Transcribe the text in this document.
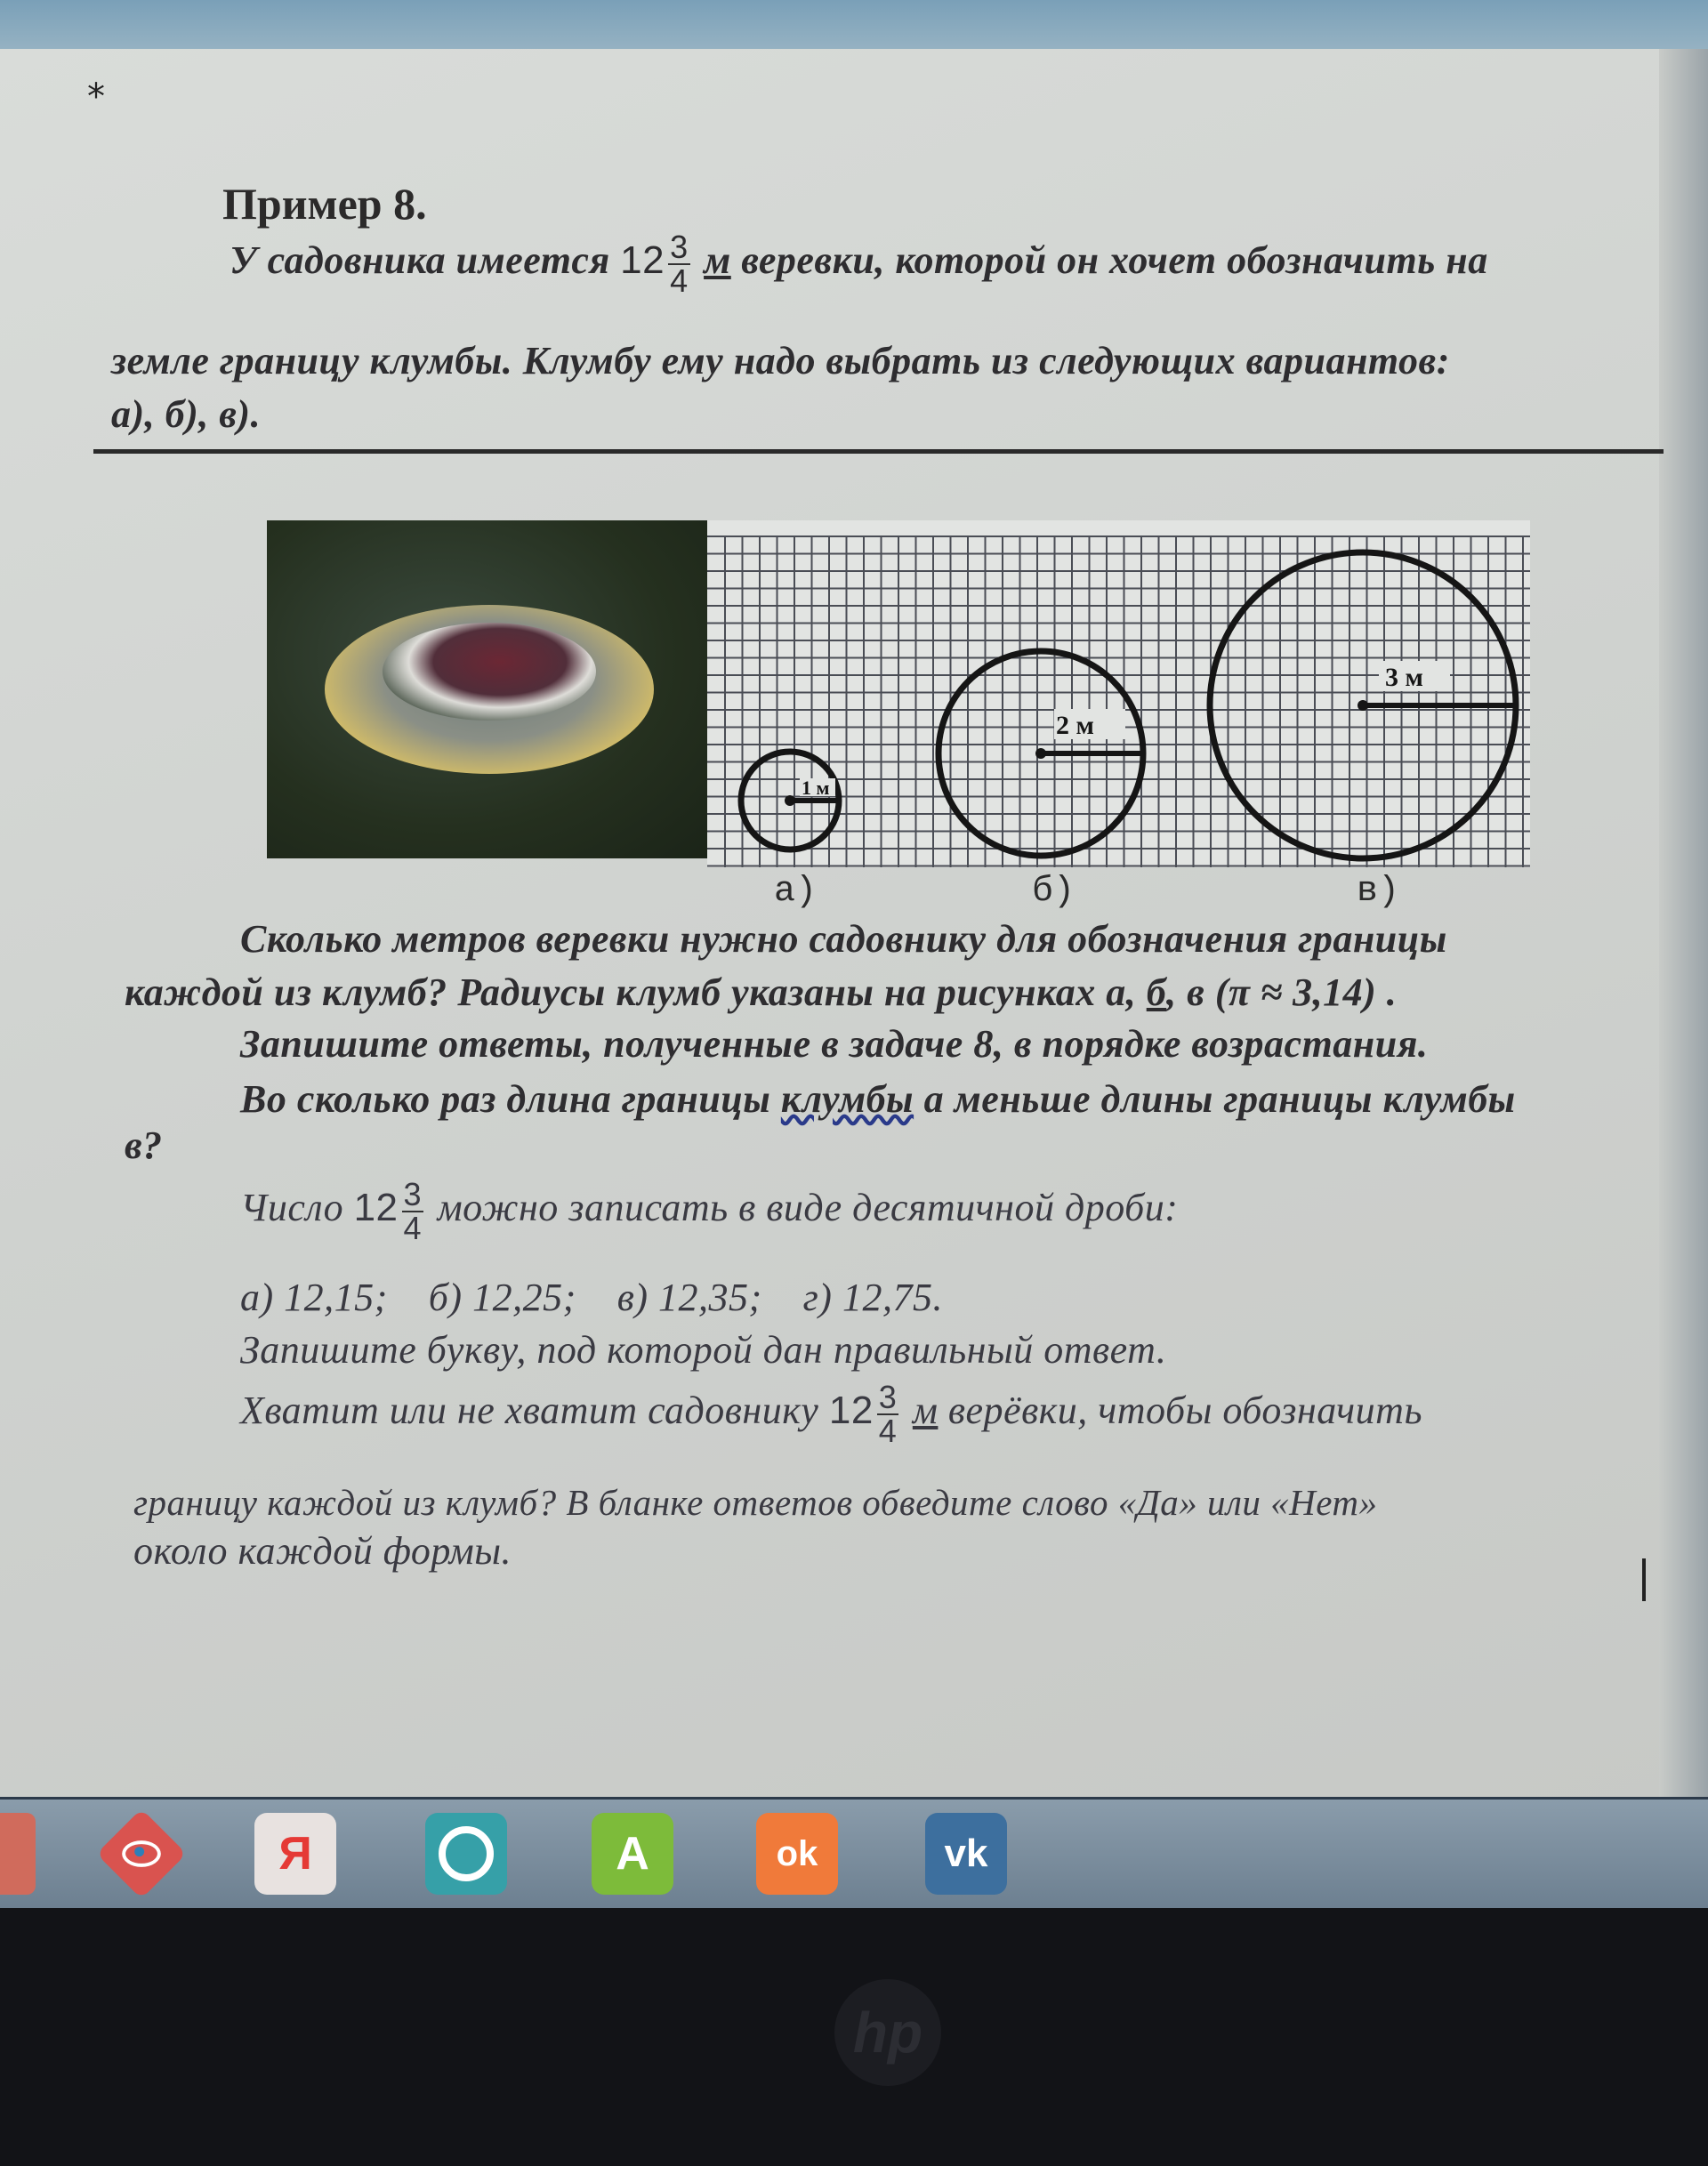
*
Пример 8.
У садовника имеется $12 \frac{3}{4}$ м веревки, которой он хочет обозначить на
земле границу клумбы. Клумбу ему надо выбрать из следующих вариантов:
а), б), в).
1 м
2 м
3 м
а)	б)	в)
Сколько метров веревки нужно садовнику для обозначения границы
каждой из клумб? Радиусы клумб указаны на рисунках а, б, в (π ≈ 3,14) .
Запишите ответы, полученные в задаче 8, в порядке возрастания.
Во сколько раз длина границы клумбы а меньше длины границы клумбы
в?
Число $12 \frac{3}{4}$ можно записать в виде десятичной дроби:
а) 12,15;    б) 12,25;    в) 12,35;    г) 12,75.
Запишите букву, под которой дан правильный ответ.
Хватит или не хватит садовнику $12 \frac{3}{4}$ м верёвки, чтобы обозначить
границу каждой из клумб? В бланке ответов обведите слово «Да» или «Нет»
около каждой формы.
Я	A	ok	vk
hp
